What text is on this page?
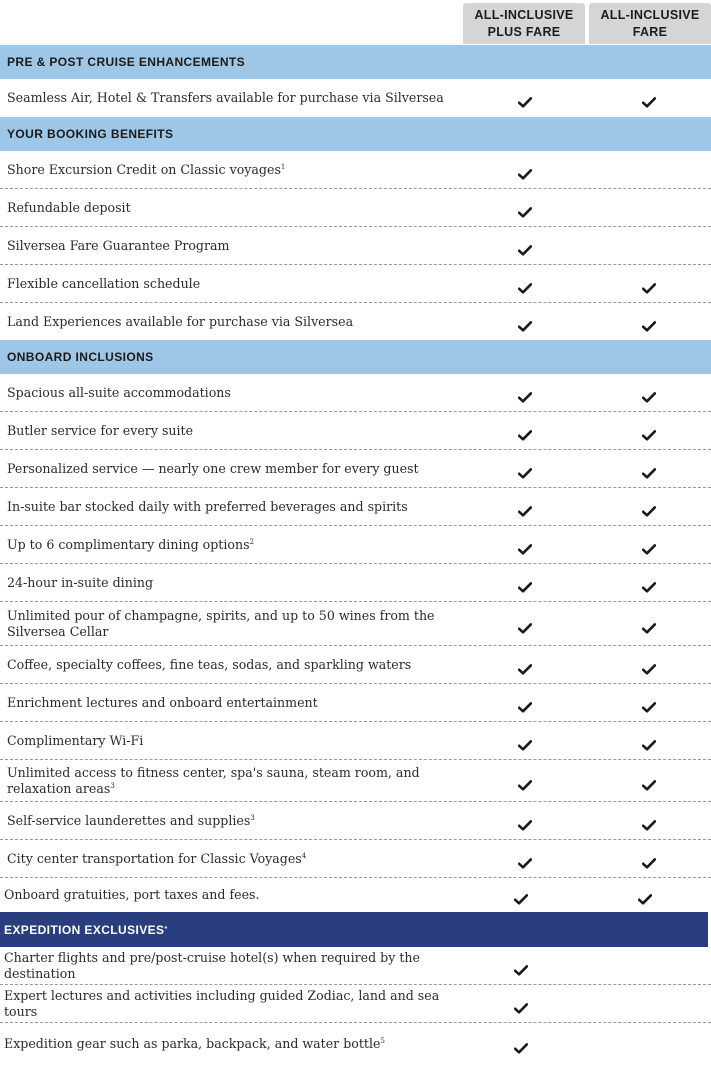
ALL-INCLUSIVE
PLUS FARE
ALL-INCLUSIVE
FARE
PRE & POST CRUISE ENHANCEMENTS
Seamless Air, Hotel & Transfers available for purchase via Silversea
YOUR BOOKING BENEFITS
Shore Excursion Credit on Classic voyages$^1$
Refundable deposit
Silversea Fare Guarantee Program
Flexible cancellation schedule
Land Experiences available for purchase via Silversea
ONBOARD INCLUSIONS
Spacious all-suite accommodations
Butler service for every suite
Personalized service — nearly one crew member for every guest
In-suite bar stocked daily with preferred beverages and spirits
Up to 6 complimentary dining options$^2$
24-hour in-suite dining
Unlimited pour of champagne, spirits, and up to 50 wines from the Silversea Cellar
Coffee, specialty coffees, fine teas, sodas, and sparkling waters
Enrichment lectures and onboard entertainment
Complimentary Wi-Fi
Unlimited access to fitness center, spa's sauna, steam room, and relaxation areas$^3$
Self-service launderettes and supplies$^3$
City center transportation for Classic Voyages$^4$
Onboard gratuities, port taxes and fees.
EXPEDITION EXCLUSIVES *
Charter flights and pre/post-cruise hotel(s) when required by the destination
Expert lectures and activities including guided Zodiac, land and sea tours
Expedition gear such as parka, backpack, and water bottle$^5$
